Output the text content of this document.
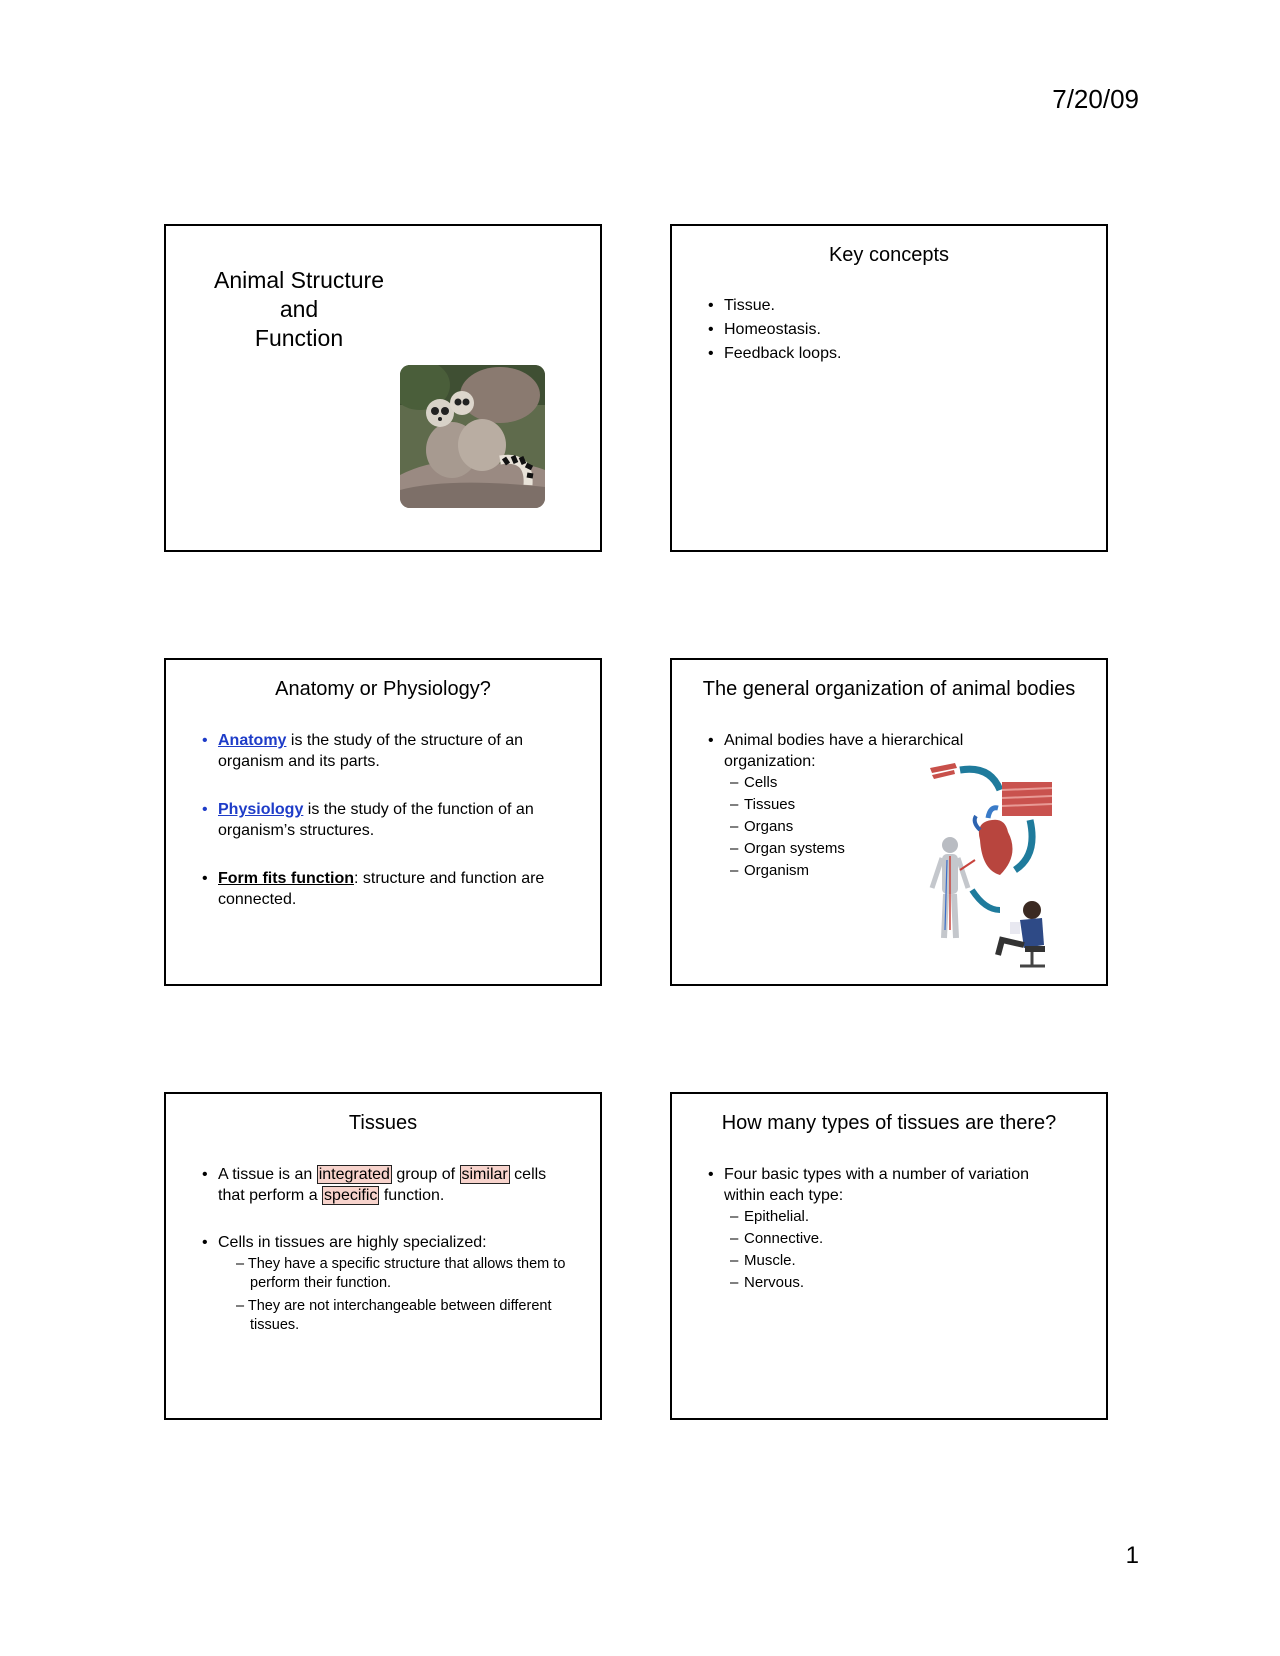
7/20/09
Animal Structure
and
Function
Key concepts
• Tissue.
• Homeostasis.
• Feedback loops.
Anatomy or Physiology?
• Anatomy is the study of the structure of an organism and its parts.
• Physiology is the study of the function of an organism’s structures.
• Form fits function: structure and function are connected.
The general organization of animal bodies
• Animal bodies have a hierarchical organization:
– Cells
– Tissues
– Organs
– Organ systems
– Organism
Tissues
• A tissue is an integrated group of similar cells that perform a specific function.
• Cells in tissues are highly specialized:
– They have a specific structure that allows them to perform their function.
– They are not interchangeable between different tissues.
How many types of tissues are there?
• Four basic types with a number of variation within each type:
– Epithelial.
– Connective.
– Muscle.
– Nervous.
1
